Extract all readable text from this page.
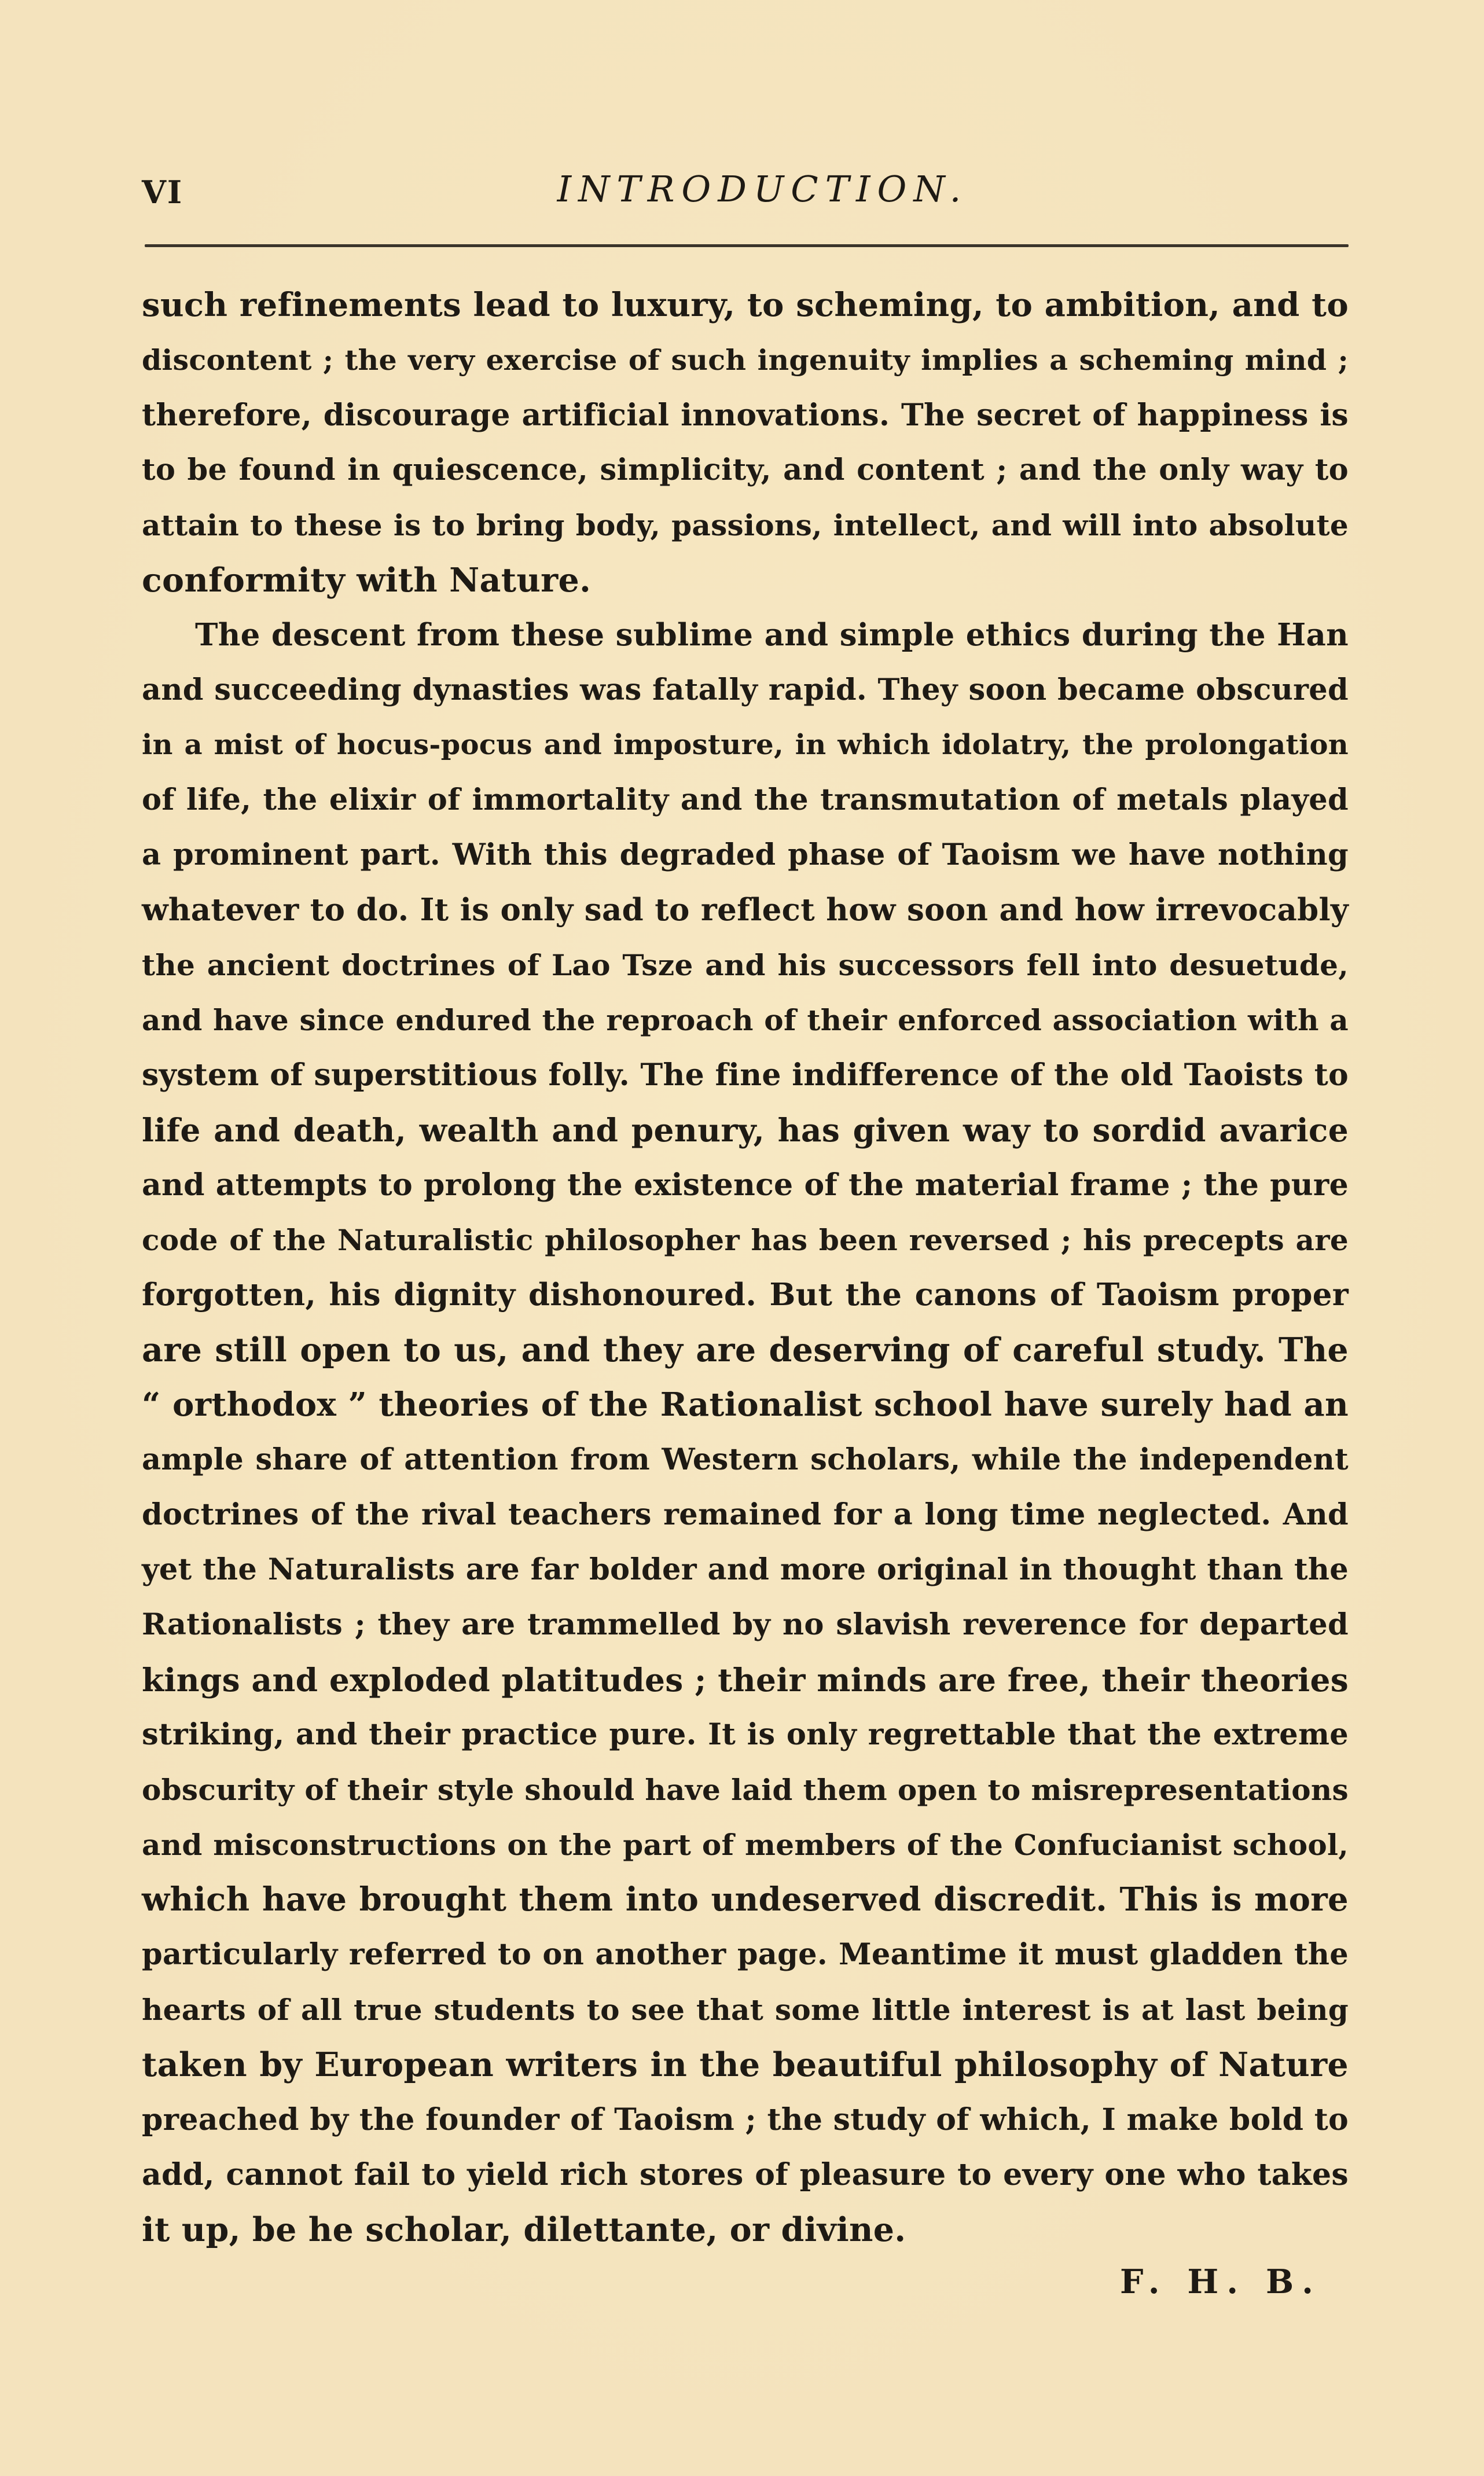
VI	INTRODUCTION.
such refinements lead to luxury, to scheming, to ambition, and to
discontent ; the very exercise of such ingenuity implies a scheming mind ;
therefore, discourage artificial innovations. The secret of happiness is
to be found in quiescence, simplicity, and content ; and the only way to
attain to these is to bring body, passions, intellect, and will into absolute
conformity with Nature.
The descent from these sublime and simple ethics during the Han
and succeeding dynasties was fatally rapid. They soon became obscured
in a mist of hocus-pocus and imposture, in which idolatry, the prolongation
of life, the elixir of immortality and the transmutation of metals played
a prominent part. With this degraded phase of Taoism we have nothing
whatever to do. It is only sad to reflect how soon and how irrevocably
the ancient doctrines of Lao Tsze and his successors fell into desuetude,
and have since endured the reproach of their enforced association with a
system of superstitious folly. The fine indifference of the old Taoists to
life and death, wealth and penury, has given way to sordid avarice
and attempts to prolong the existence of the material frame ; the pure
code of the Naturalistic philosopher has been reversed ; his precepts are
forgotten, his dignity dishonoured. But the canons of Taoism proper
are still open to us, and they are deserving of careful study. The
“ orthodox ” theories of the Rationalist school have surely had an
ample share of attention from Western scholars, while the independent
doctrines of the rival teachers remained for a long time neglected. And
yet the Naturalists are far bolder and more original in thought than the
Rationalists ; they are trammelled by no slavish reverence for departed
kings and exploded platitudes ; their minds are free, their theories
striking, and their practice pure. It is only regrettable that the extreme
obscurity of their style should have laid them open to misrepresentations
and misconstructions on the part of members of the Confucianist school,
which have brought them into undeserved discredit. This is more
particularly referred to on another page. Meantime it must gladden the
hearts of all true students to see that some little interest is at last being
taken by European writers in the beautiful philosophy of Nature
preached by the founder of Taoism ; the study of which, I make bold to
add, cannot fail to yield rich stores of pleasure to every one who takes
it up, be he scholar, dilettante, or divine.
F. H. B.
